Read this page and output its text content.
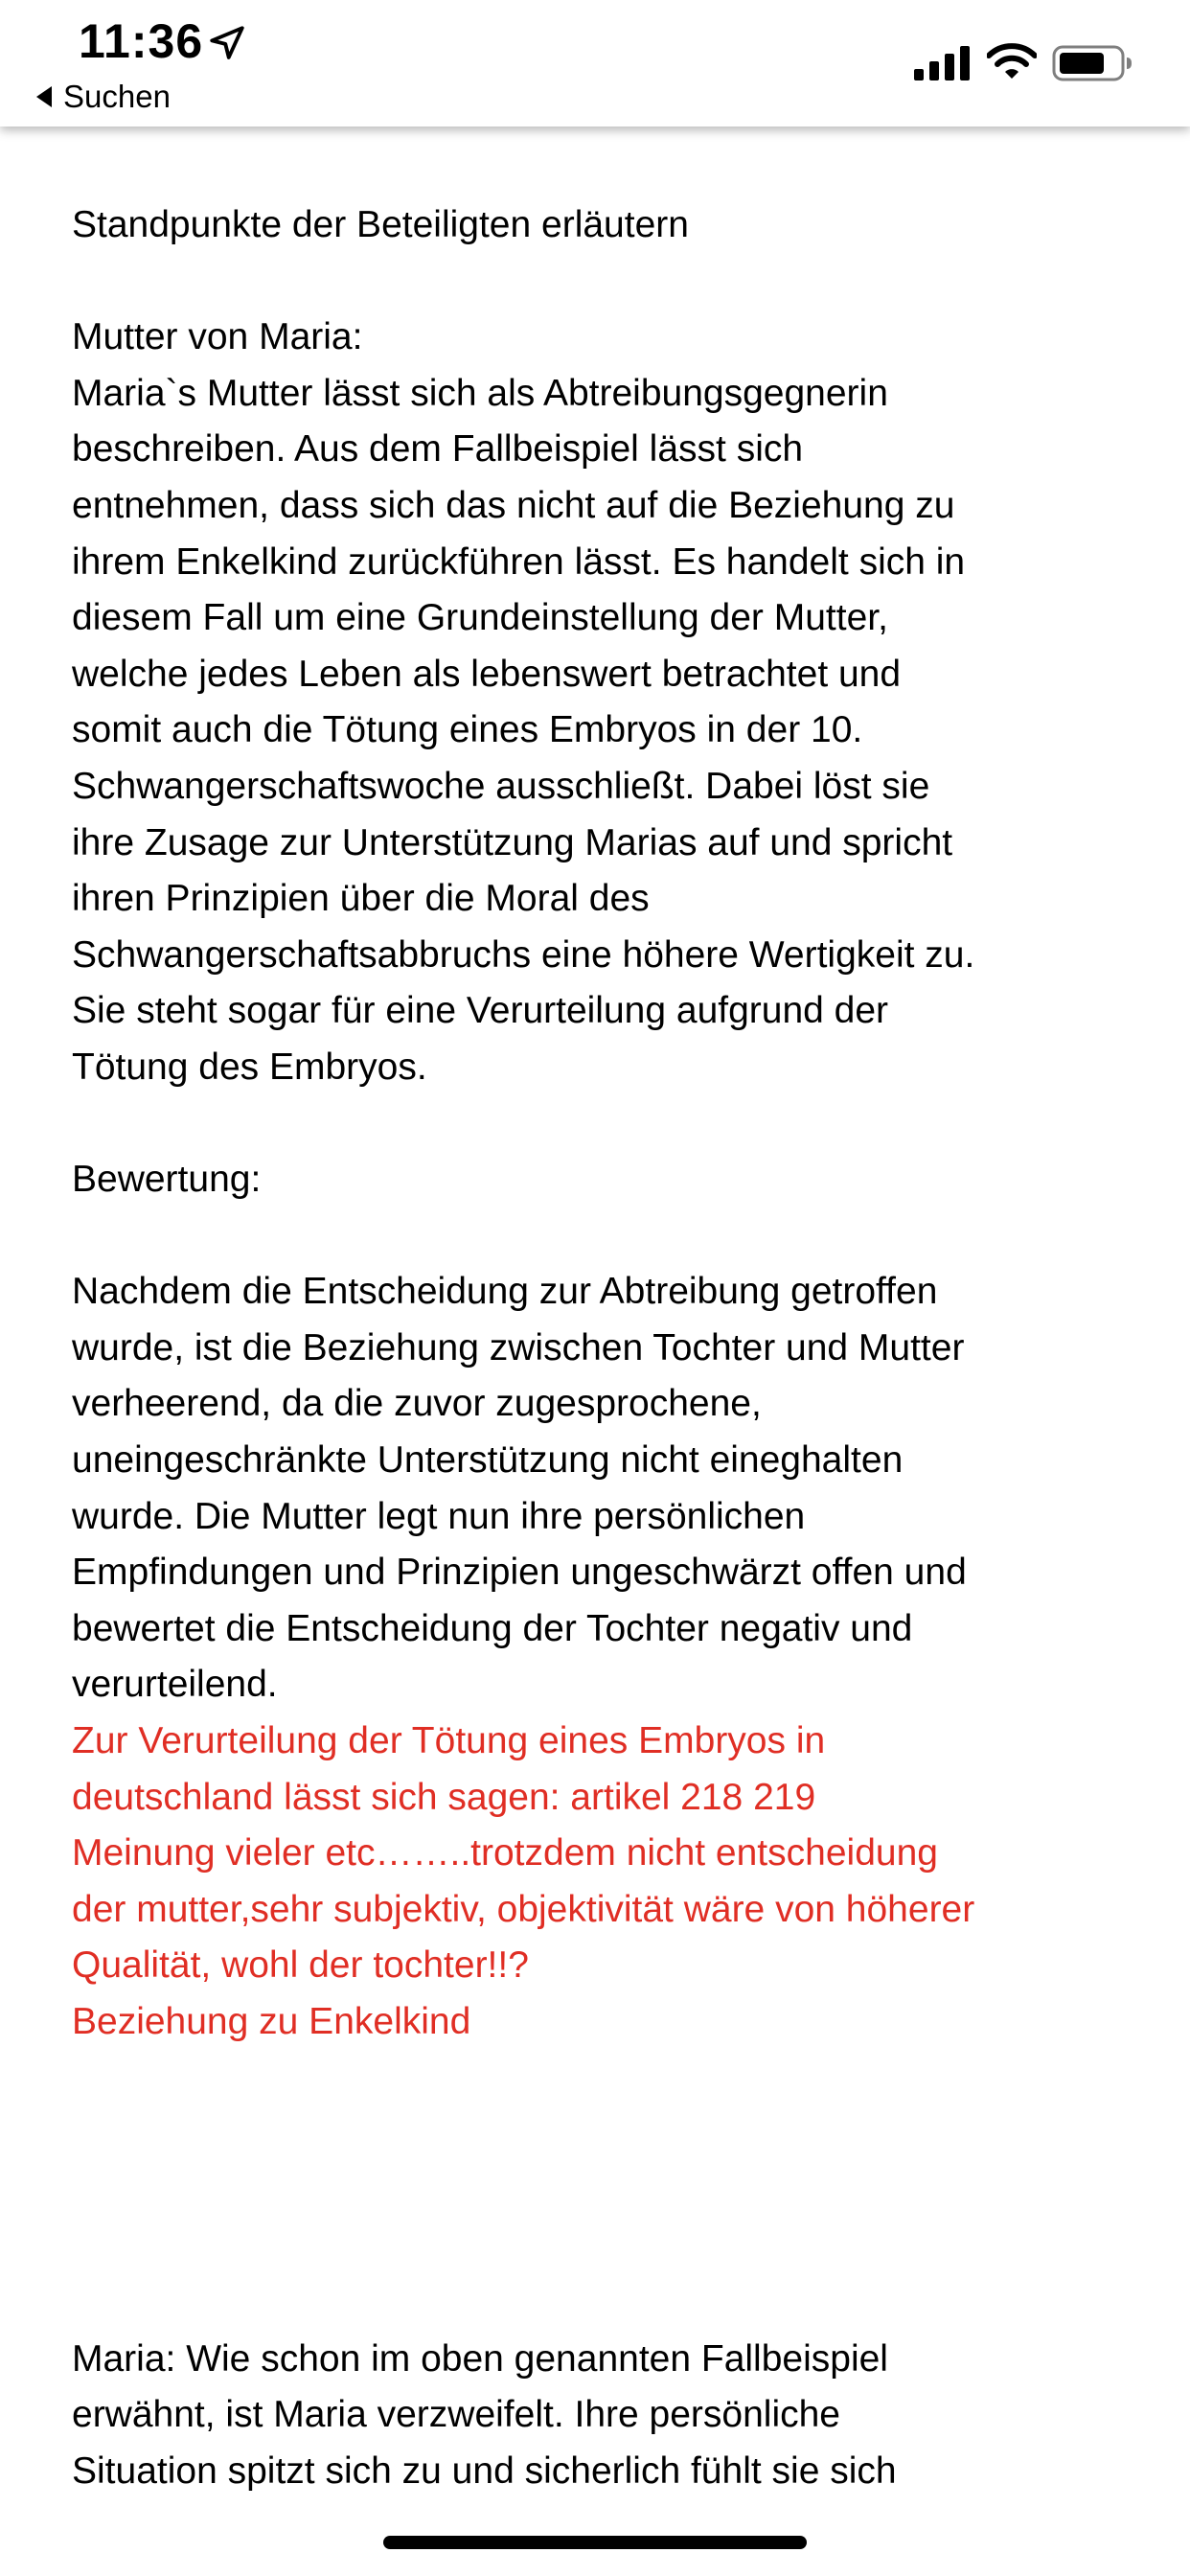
11:36
Suchen

Standpunkte der Beteiligten erläutern

Mutter von Maria:

Maria`s Mutter lässt sich als Abtreibungsgegnerin
beschreiben. Aus dem Fallbeispiel lässt sich
entnehmen, dass sich das nicht auf die Beziehung zu
ihrem Enkelkind zurückführen lässt. Es handelt sich in
diesem Fall um eine Grundeinstellung der Mutter,
welche jedes Leben als lebenswert betrachtet und
somit auch die Tötung eines Embryos in der 10.
Schwangerschaftswoche ausschließt. Dabei löst sie
ihre Zusage zur Unterstützung Marias auf und spricht
ihren Prinzipien über die Moral des
Schwangerschaftsabbruchs eine höhere Wertigkeit zu.
Sie steht sogar für eine Verurteilung aufgrund der
Tötung des Embryos.

Bewertung:

Nachdem die Entscheidung zur Abtreibung getroffen
wurde, ist die Beziehung zwischen Tochter und Mutter
verheerend, da die zuvor zugesprochene,
uneingeschränkte Unterstützung nicht eineghalten
wurde. Die Mutter legt nun ihre persönlichen
Empfindungen und Prinzipien ungeschwärzt offen und
bewertet die Entscheidung der Tochter negativ und
verurteilend.

Zur Verurteilung der Tötung eines Embryos in
deutschland lässt sich sagen: artikel 218 219
Meinung vieler etc……..trotzdem nicht entscheidung
der mutter,sehr subjektiv, objektivität wäre von höherer
Qualität, wohl der tochter!!?
Beziehung zu Enkelkind

Maria: Wie schon im oben genannten Fallbeispiel
erwähnt, ist Maria verzweifelt. Ihre persönliche
Situation spitzt sich zu und sicherlich fühlt sie sich
